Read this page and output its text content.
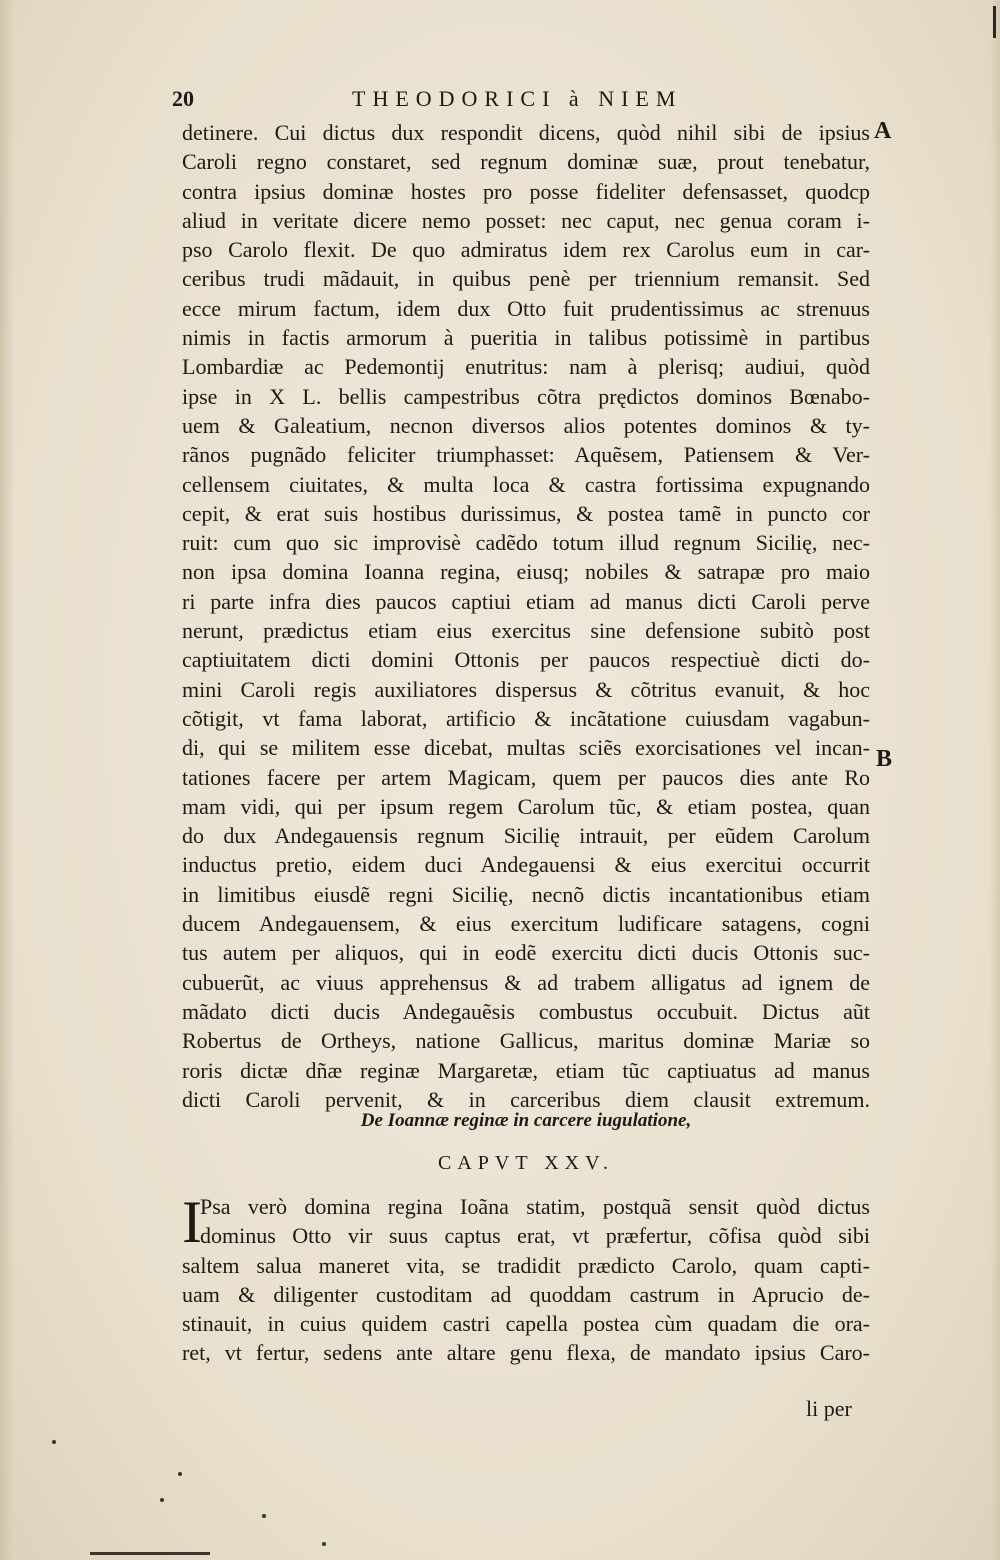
20	THEODORICI à NIEM
A
B
detinere. Cui dictus dux respondit dicens, quòd nihil sibi de ipsius
Caroli regno constaret, sed regnum dominæ suæ, prout tenebatur,
contra ipsius dominæ hostes pro posse fideliter defensasset, quodcp
aliud in veritate dicere nemo posset: nec caput, nec genua coram i-
pso Carolo flexit. De quo admiratus idem rex Carolus eum in car-
ceribus trudi mãdauit, in quibus penè per triennium remansit. Sed
ecce mirum factum, idem dux Otto fuit prudentissimus ac strenuus
nimis in factis armorum à pueritia in talibus potissimè in partibus
Lombardiæ ac Pedemontij enutritus: nam à plerisq; audiui, quòd
ipse in X L. bellis campestribus cõtra prędictos dominos Bœnabo-
uem & Galeatium, necnon diversos alios potentes dominos & ty-
rãnos pugnãdo feliciter triumphasset: Aquẽsem, Patiensem & Ver-
cellensem ciuitates, & multa loca & castra fortissima expugnando
cepit, & erat suis hostibus durissimus, & postea tamẽ in puncto cor
ruit: cum quo sic improvisè cadẽdo totum illud regnum Sicilię, nec-
non ipsa domina Ioanna regina, eiusq; nobiles & satrapæ pro maio
ri parte infra dies paucos captiui etiam ad manus dicti Caroli perve
nerunt, prædictus etiam eius exercitus sine defensione subitò post
captiuitatem dicti domini Ottonis per paucos respectiuè dicti do-
mini Caroli regis auxiliatores dispersus & cõtritus evanuit, & hoc
cõtigit, vt fama laborat, artificio & incãtatione cuiusdam vagabun-
di, qui se militem esse dicebat, multas sciẽs exorcisationes vel incan-
tationes facere per artem Magicam, quem per paucos dies ante Ro
mam vidi, qui per ipsum regem Carolum tũc, & etiam postea, quan
do dux Andegauensis regnum Sicilię intrauit, per eũdem Carolum
inductus pretio, eidem duci Andegauensi & eius exercitui occurrit
in limitibus eiusdẽ regni Sicilię, necnõ dictis incantationibus etiam
ducem Andegauensem, & eius exercitum ludificare satagens, cogni
tus autem per aliquos, qui in eodẽ exercitu dicti ducis Ottonis suc-
cubuerũt, ac viuus apprehensus & ad trabem alligatus ad ignem de
mãdato dicti ducis Andegauẽsis combustus occubuit. Dictus aũt
Robertus de Ortheys, natione Gallicus, maritus dominæ Mariæ so
roris dictæ dñæ reginæ Margaretæ, etiam tũc captiuatus ad manus
dicti Caroli pervenit, & in carceribus diem clausit extremum.
De Ioannæ reginæ in carcere iugulatione,
CAPVT XXV.
I
Psa verò domina regina Ioãna statim, postquã sensit quòd dictus
dominus Otto vir suus captus erat, vt præfertur, cõfisa quòd sibi
saltem salua maneret vita, se tradidit prædicto Carolo, quam capti-
uam & diligenter custoditam ad quoddam castrum in Aprucio de-
stinauit, in cuius quidem castri capella postea cùm quadam die ora-
ret, vt fertur, sedens ante altare genu flexa, de mandato ipsius Caro-
li per
